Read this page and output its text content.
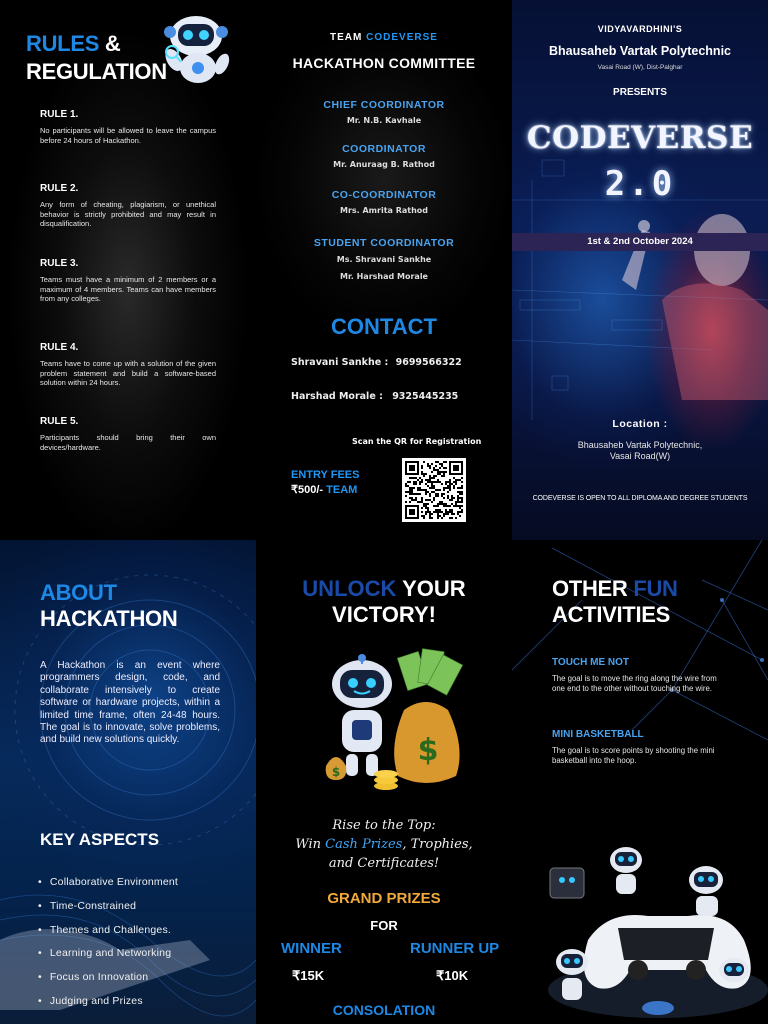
RULES &
REGULATION
RULE 1.
No participants will be allowed to leave the campus before 24 hours of Hackathon.
RULE 2.
Any form of cheating, plagiarism, or unethical behavior is strictly prohibited and may result in disqualification.
RULE 3.
Teams must have a minimum of 2 members or a maximum of 4 members. Teams can have members from any colleges.
RULE 4.
Teams have to come up with a solution of the given problem statement and build a software-based solution within 24 hours.
RULE 5.
Participants should bring their own devices/hardware.
TEAM CODEVERSE
HACKATHON COMMITTEE
CHIEF COORDINATOR
Mr. N.B. Kavhale
COORDINATOR
Mr. Anuraag B. Rathod
CO-COORDINATOR
Mrs. Amrita Rathod
STUDENT COORDINATOR
Ms. Shravani Sankhe
Mr. Harshad Morale
CONTACT
Shravani Sankhe : 9699566322
Harshad Morale : 9325445235
Scan the QR for Registration
ENTRY FEES
₹500/- TEAM
VIDYAVARDHINI'S
Bhausaheb Vartak Polytechnic
Vasai Road (W), Dist-Palghar
PRESENTS
CODEVERSE
2.0
1st & 2nd October 2024
Location :
Bhausaheb Vartak Polytechnic,
Vasai Road(W)
CODEVERSE IS OPEN TO ALL DIPLOMA AND DEGREE STUDENTS
ABOUT
HACKATHON

A Hackathon is an event where programmers design, code, and collaborate intensively to create software or hardware projects, within a limited time frame, often 24-48 hours. The goal is to innovate, solve problems, and build new solutions quickly.

KEY ASPECTS
• Collaborative Environment
• Time-Constrained
• Themes and Challenges.
• Learning and Networking
• Focus on Innovation
• Judging and Prizes
UNLOCK YOUR
VICTORY!
$
$
Rise to the Top:
Win Cash Prizes, Trophies,
and Certificates!
GRAND PRIZES
FOR
WINNER
₹15K
RUNNER UP
₹10K
CONSOLATION
OTHER FUN
ACTIVITIES
TOUCH ME NOT
The goal is to move the ring along the wire from one end to the other without touching the wire.
MINI BASKETBALL
The goal is to score points by shooting the mini basketball into the hoop.
